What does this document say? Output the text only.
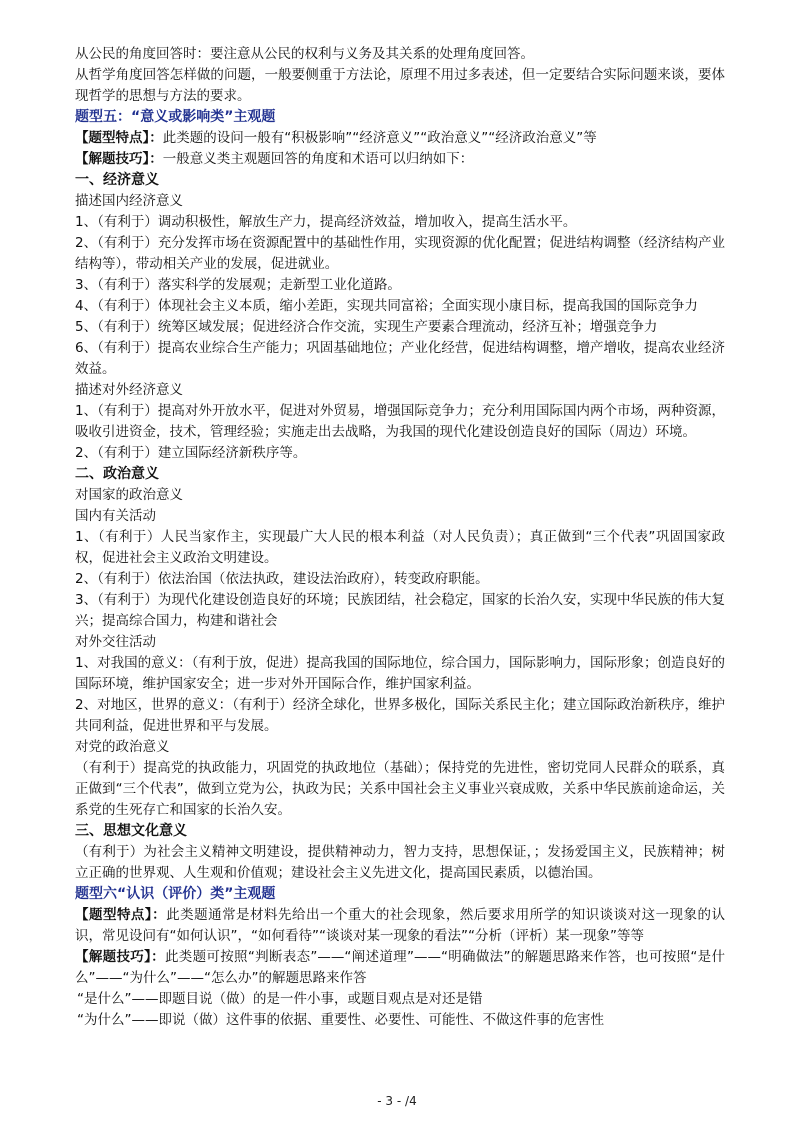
从公民的角度回答时：要注意从公民的权利与义务及其关系的处理角度回答。

从哲学角度回答怎样做的问题，一般要侧重于方法论，原理不用过多表述，但一定要结合实际问题来谈，要体现哲学的思想与方法的要求。

题型五：“意义或影响类”主观题

【题型特点】：此类题的设问一般有“积极影响”“经济意义”“政治意义”“经济政治意义”等

【解题技巧】：一般意义类主观题回答的角度和术语可以归纳如下：

一、经济意义

描述国内经济意义

1、（有利于）调动积极性，解放生产力，提高经济效益，增加收入，提高生活水平。

2、（有利于）充分发挥市场在资源配置中的基础性作用，实现资源的优化配置；促进结构调整（经济结构产业结构等），带动相关产业的发展，促进就业。

3、（有利于）落实科学的发展观；走新型工业化道路。

4、（有利于）体现社会主义本质，缩小差距，实现共同富裕；全面实现小康目标，提高我国的国际竞争力

5、（有利于）统筹区域发展；促进经济合作交流，实现生产要素合理流动，经济互补；增强竞争力

6、（有利于）提高农业综合生产能力；巩固基础地位；产业化经营，促进结构调整，增产增收，提高农业经济效益。

描述对外经济意义

1、（有利于）提高对外开放水平，促进对外贸易，增强国际竞争力；充分利用国际国内两个市场，两种资源，吸收引进资金，技术，管理经验；实施走出去战略，为我国的现代化建设创造良好的国际（周边）环境。

2、（有利于）建立国际经济新秩序等。

二、政治意义

对国家的政治意义

国内有关活动

1、（有利于）人民当家作主，实现最广大人民的根本利益（对人民负责）；真正做到“三个代表”巩固国家政权，促进社会主义政治文明建设。

2、（有利于）依法治国（依法执政，建设法治政府），转变政府职能。

3、（有利于）为现代化建设创造良好的环境；民族团结，社会稳定，国家的长治久安，实现中华民族的伟大复兴；提高综合国力，构建和谐社会

对外交往活动

1、对我国的意义：（有利于放，促进）提高我国的国际地位，综合国力，国际影响力，国际形象；创造良好的国际环境，维护国家安全；进一步对外开国际合作，维护国家利益。

2、对地区，世界的意义：（有利于）经济全球化，世界多极化，国际关系民主化；建立国际政治新秩序，维护共同利益，促进世界和平与发展。

对党的政治意义

（有利于）提高党的执政能力，巩固党的执政地位（基础）；保持党的先进性，密切党同人民群众的联系，真正做到“三个代表”，做到立党为公，执政为民；关系中国社会主义事业兴衰成败，关系中华民族前途命运，关系党的生死存亡和国家的长治久安。

三、思想文化意义

（有利于）为社会主义精神文明建设，提供精神动力，智力支持，思想保证，；发扬爱国主义，民族精神；树立正确的世界观、人生观和价值观；建设社会主义先进文化，提高国民素质，以德治国。

题型六“认识（评价）类”主观题

【题型特点】：此类题通常是材料先给出一个重大的社会现象，然后要求用所学的知识谈谈对这一现象的认识，常见设问有“如何认识”，“如何看待”“谈谈对某一现象的看法”“分析（评析）某一现象”等等

【解题技巧】：此类题可按照“判断表态”——“阐述道理”——“明确做法”的解题思路来作答，也可按照“是什么”——“为什么”——“怎么办”的解题思路来作答

“是什么”——即题目说（做）的是一件小事，或题目观点是对还是错

“为什么”——即说（做）这件事的依据、重要性、必要性、可能性、不做这件事的危害性

- 3 - /4
